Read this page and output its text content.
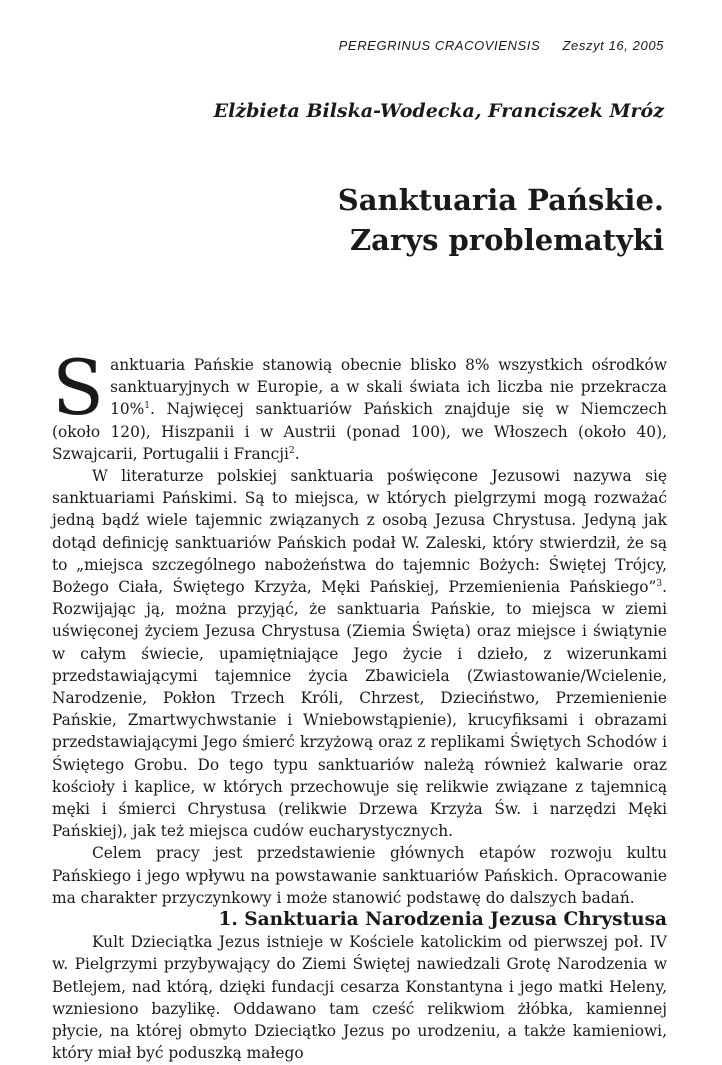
PEREGRINUS CRACOVIENSIS Zeszyt 16, 2005
Elżbieta Bilska-Wodecka, Franciszek Mróz
Sanktuaria Pańskie.
Zarys problematyki

Sanktuaria Pańskie stanowią obecnie blisko 8% wszystkich ośrodków sanktuaryjnych w Europie, a w skali świata ich liczba nie przekracza 10%$^1$. Najwięcej sanktuariów Pańskich znajduje się w Niemczech (około 120), Hiszpanii i w Austrii (ponad 100), we Włoszech (około 40), Szwajcarii, Portugalii i Francji$^2$.

W literaturze polskiej sanktuaria poświęcone Jezusowi nazywa się sanktuariami Pańskimi. Są to miejsca, w których pielgrzymi mogą rozważać jedną bądź wiele tajemnic związanych z osobą Jezusa Chrystusa. Jedyną jak dotąd definicję sanktuariów Pańskich podał W. Zaleski, który stwierdził, że są to „miejsca szczególnego nabożeństwa do tajemnic Bożych: Świętej Trójcy, Bożego Ciała, Świętego Krzyża, Męki Pańskiej, Przemienienia Pańskiego”$^3$. Rozwijając ją, można przyjąć, że sanktuaria Pańskie, to miejsca w ziemi uświęconej życiem Jezusa Chrystusa (Ziemia Święta) oraz miejsce i świątynie w całym świecie, upamiętniające Jego życie i dzieło, z wizerunkami przedstawiającymi tajemnice życia Zbawiciela (Zwiastowanie/Wcielenie, Narodzenie, Pokłon Trzech Króli, Chrzest, Dzieciństwo, Przemienienie Pańskie, Zmartwychwstanie i Wniebowstąpienie), krucyfiksami i obrazami przedstawiającymi Jego śmierć krzyżową oraz z replikami Świętych Schodów i Świętego Grobu. Do tego typu sanktuariów należą również kalwarie oraz kościoły i kaplice, w których przechowuje się relikwie związane z tajemnicą męki i śmierci Chrystusa (relikwie Drzewa Krzyża Św. i narzędzi Męki Pańskiej), jak też miejsca cudów eucharystycznych.

Celem pracy jest przedstawienie głównych etapów rozwoju kultu Pańskiego i jego wpływu na powstawanie sanktuariów Pańskich. Opracowanie ma charakter przyczynkowy i może stanowić podstawę do dalszych badań.

1. Sanktuaria Narodzenia Jezusa Chrystusa

Kult Dzieciątka Jezus istnieje w Kościele katolickim od pierwszej poł. IV w. Pielgrzymi przybywający do Ziemi Świętej nawiedzali Grotę Narodzenia w Betlejem, nad którą, dzięki fundacji cesarza Konstantyna i jego matki Heleny, wzniesiono bazylikę. Oddawano tam cześć relikwiom żłóbka, kamiennej płycie, na której obmyto Dzieciątko Jezus po urodzeniu, a także kamieniowi, który miał być poduszką małego
